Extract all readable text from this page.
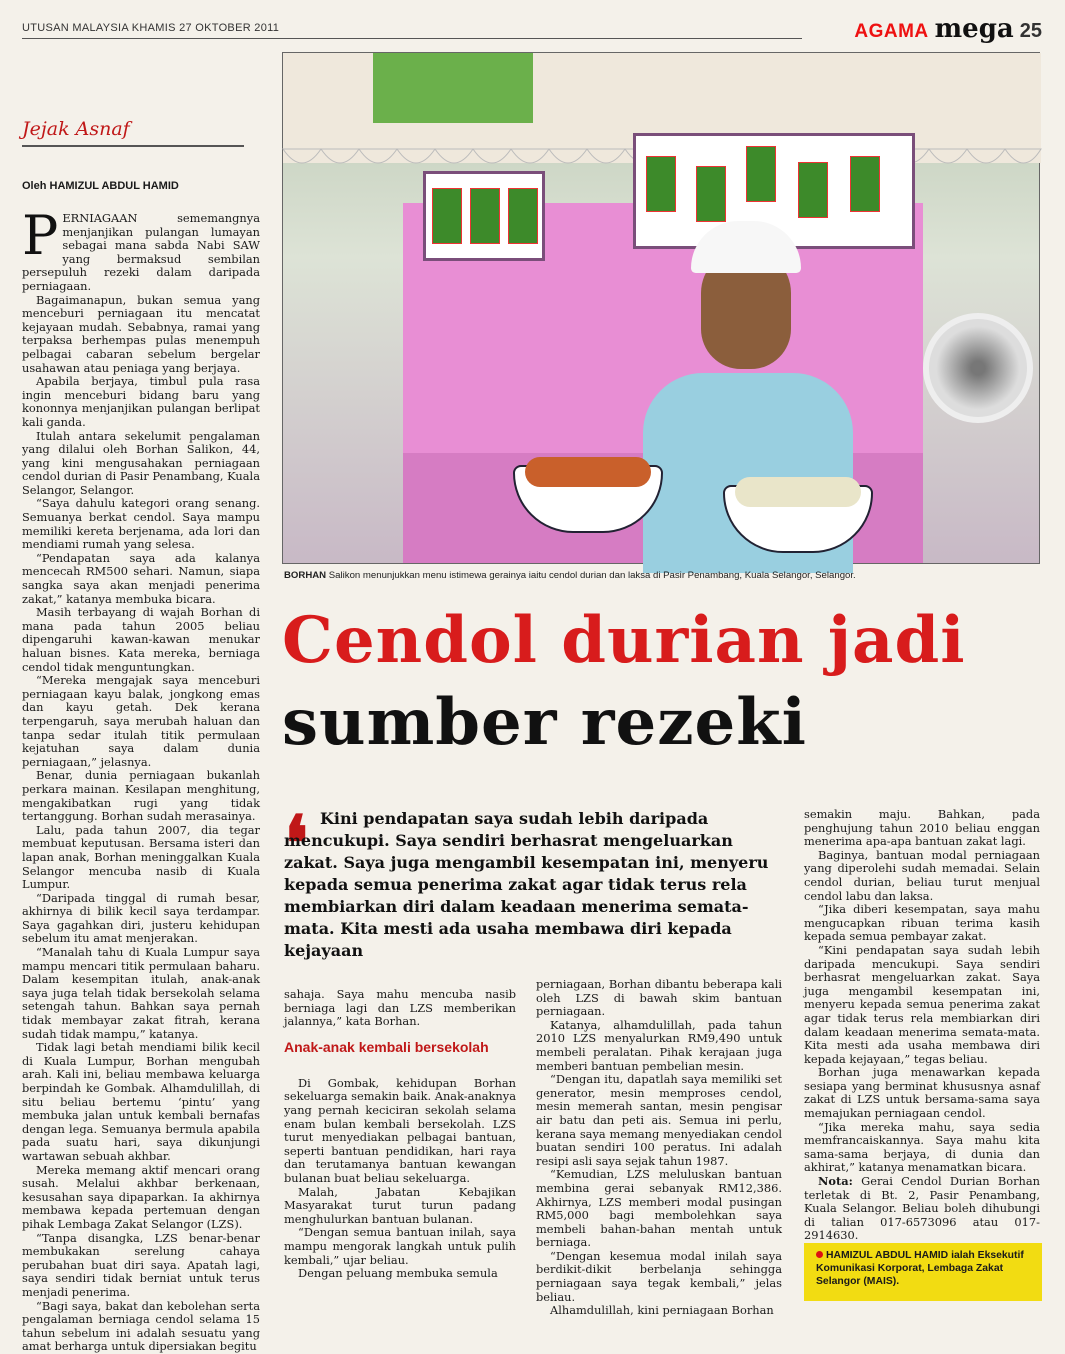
UTUSAN MALAYSIA KHAMIS 27 OKTOBER 2011	AGAMA mega 25
Jejak Asnaf
Oleh HAMIZUL ABDUL HAMID

PERNIAGAAN sememangnya menjanjikan pulangan lumayan sebagai mana sabda Nabi SAW yang bermaksud sembilan persepuluh rezeki dalam daripada perniagaan.

Bagaimanapun, bukan semua yang menceburi perniagaan itu mencatat kejayaan mudah. Sebabnya, ramai yang terpaksa berhempas pulas menempuh pelbagai cabaran sebelum bergelar usahawan atau peniaga yang berjaya.

Apabila berjaya, timbul pula rasa ingin menceburi bidang baru yang kononnya menjanjikan pulangan berlipat kali ganda.

Itulah antara sekelumit pengalaman yang dilalui oleh Borhan Salikon, 44, yang kini mengusahakan perniagaan cendol durian di Pasir Penambang, Kuala Selangor, Selangor.

“Saya dahulu kategori orang senang. Semuanya berkat cendol. Saya mampu memiliki kereta berjenama, ada lori dan mendiami rumah yang selesa.

“Pendapatan saya ada kalanya mencecah RM500 sehari. Namun, siapa sangka saya akan menjadi penerima zakat,” katanya membuka bicara.

Masih terbayang di wajah Borhan di mana pada tahun 2005 beliau dipengaruhi kawan-kawan menukar haluan bisnes. Kata mereka, berniaga cendol tidak menguntungkan.

“Mereka mengajak saya menceburi perniagaan kayu balak, jongkong emas dan kayu getah. Dek kerana terpengaruh, saya merubah haluan dan tanpa sedar itulah titik permulaan kejatuhan saya dalam dunia perniagaan,” jelasnya.

Benar, dunia perniagaan bukanlah perkara mainan. Kesilapan menghitung, mengakibatkan rugi yang tidak tertanggung. Borhan sudah merasainya.

Lalu, pada tahun 2007, dia tegar membuat keputusan. Bersama isteri dan lapan anak, Borhan meninggalkan Kuala Selangor mencuba nasib di Kuala Lumpur.

“Daripada tinggal di rumah besar, akhirnya di bilik kecil saya terdampar. Saya gagahkan diri, justeru kehidupan sebelum itu amat menjerakan.

“Manalah tahu di Kuala Lumpur saya mampu mencari titik permulaan baharu. Dalam kesempitan itulah, anak-anak saya juga telah tidak bersekolah selama setengah tahun. Bahkan saya pernah tidak membayar zakat fitrah, kerana sudah tidak mampu,” katanya.

Tidak lagi betah mendiami bilik kecil di Kuala Lumpur, Borhan mengubah arah. Kali ini, beliau membawa keluarga berpindah ke Gombak. Alhamdulillah, di situ beliau bertemu ‘pintu’ yang membuka jalan untuk kembali bernafas dengan lega. Semuanya bermula apabila pada suatu hari, saya dikunjungi wartawan sebuah akhbar.

Mereka memang aktif mencari orang susah. Melalui akhbar berkenaan, kesusahan saya dipaparkan. Ia akhirnya membawa kepada pertemuan dengan pihak Lembaga Zakat Selangor (LZS).

“Tanpa disangka, LZS benar-benar membukakan serelung cahaya perubahan buat diri saya. Apatah lagi, saya sendiri tidak berniat untuk terus menjadi penerima.

“Bagi saya, bakat dan kebolehan serta pengalaman berniaga cendol selama 15 tahun sebelum ini adalah sesuatu yang amat berharga untuk dipersiakan begitu

BORHAN Salikon menunjukkan menu istimewa gerainya iaitu cendol durian dan laksa di Pasir Penambang, Kuala Selangor, Selangor.
Cendol durian jadi
sumber rezeki
❛ Kini pendapatan saya sudah lebih daripada mencukupi. Saya sendiri berhasrat mengeluarkan zakat. Saya juga mengambil kesempatan ini, menyeru kepada semua penerima zakat agar tidak terus rela membiarkan diri dalam keadaan menerima semata-mata. Kita mesti ada usaha membawa diri kepada kejayaan

sahaja. Saya mahu mencuba nasib berniaga lagi dan LZS memberikan jalannya,” kata Borhan.

Anak-anak kembali bersekolah

Di Gombak, kehidupan Borhan sekeluarga semakin baik. Anak-anaknya yang pernah keciciran sekolah selama enam bulan kembali bersekolah. LZS turut menyediakan pelbagai bantuan, seperti bantuan pendidikan, hari raya dan terutamanya bantuan kewangan bulanan buat beliau sekeluarga.

Malah, Jabatan Kebajikan Masyarakat turut turun padang menghulurkan bantuan bulanan.

“Dengan semua bantuan inilah, saya mampu mengorak langkah untuk pulih kembali,” ujar beliau.

Dengan peluang membuka semula

perniagaan, Borhan dibantu beberapa kali oleh LZS di bawah skim bantuan perniagaan.

Katanya, alhamdulillah, pada tahun 2010 LZS menyalurkan RM9,490 untuk membeli peralatan. Pihak kerajaan juga memberi bantuan pembelian mesin.

“Dengan itu, dapatlah saya memiliki set generator, mesin memproses cendol, mesin memerah santan, mesin pengisar air batu dan peti ais. Semua ini perlu, kerana saya memang menyediakan cendol buatan sendiri 100 peratus. Ini adalah resipi asli saya sejak tahun 1987.

“Kemudian, LZS meluluskan bantuan membina gerai sebanyak RM12,386. Akhirnya, LZS memberi modal pusingan RM5,000 bagi membolehkan saya membeli bahan-bahan mentah untuk berniaga.

“Dengan kesemua modal inilah saya berdikit-dikit berbelanja sehingga perniagaan saya tegak kembali,” jelas beliau.

Alhamdulillah, kini perniagaan Borhan

semakin maju. Bahkan, pada penghujung tahun 2010 beliau enggan menerima apa-apa bantuan zakat lagi.

Baginya, bantuan modal perniagaan yang diperolehi sudah memadai. Selain cendol durian, beliau turut menjual cendol labu dan laksa.

“Jika diberi kesempatan, saya mahu mengucapkan ribuan terima kasih kepada semua pembayar zakat.

“Kini pendapatan saya sudah lebih daripada mencukupi. Saya sendiri berhasrat mengeluarkan zakat. Saya juga mengambil kesempatan ini, menyeru kepada semua penerima zakat agar tidak terus rela membiarkan diri dalam keadaan menerima semata-mata. Kita mesti ada usaha membawa diri kepada kejayaan,” tegas beliau.

Borhan juga menawarkan kepada sesiapa yang berminat khususnya asnaf zakat di LZS untuk bersama-sama saya memajukan perniagaan cendol.

“Jika mereka mahu, saya sedia memfrancaiskannya. Saya mahu kita sama-sama berjaya, di dunia dan akhirat,” katanya menamatkan bicara.

Nota: Gerai Cendol Durian Borhan terletak di Bt. 2, Pasir Penambang, Kuala Selangor. Beliau boleh dihubungi di talian 017-6573096 atau 017-2914630.

HAMIZUL ABDUL HAMID ialah Eksekutif Komunikasi Korporat, Lembaga Zakat Selangor (MAIS).
